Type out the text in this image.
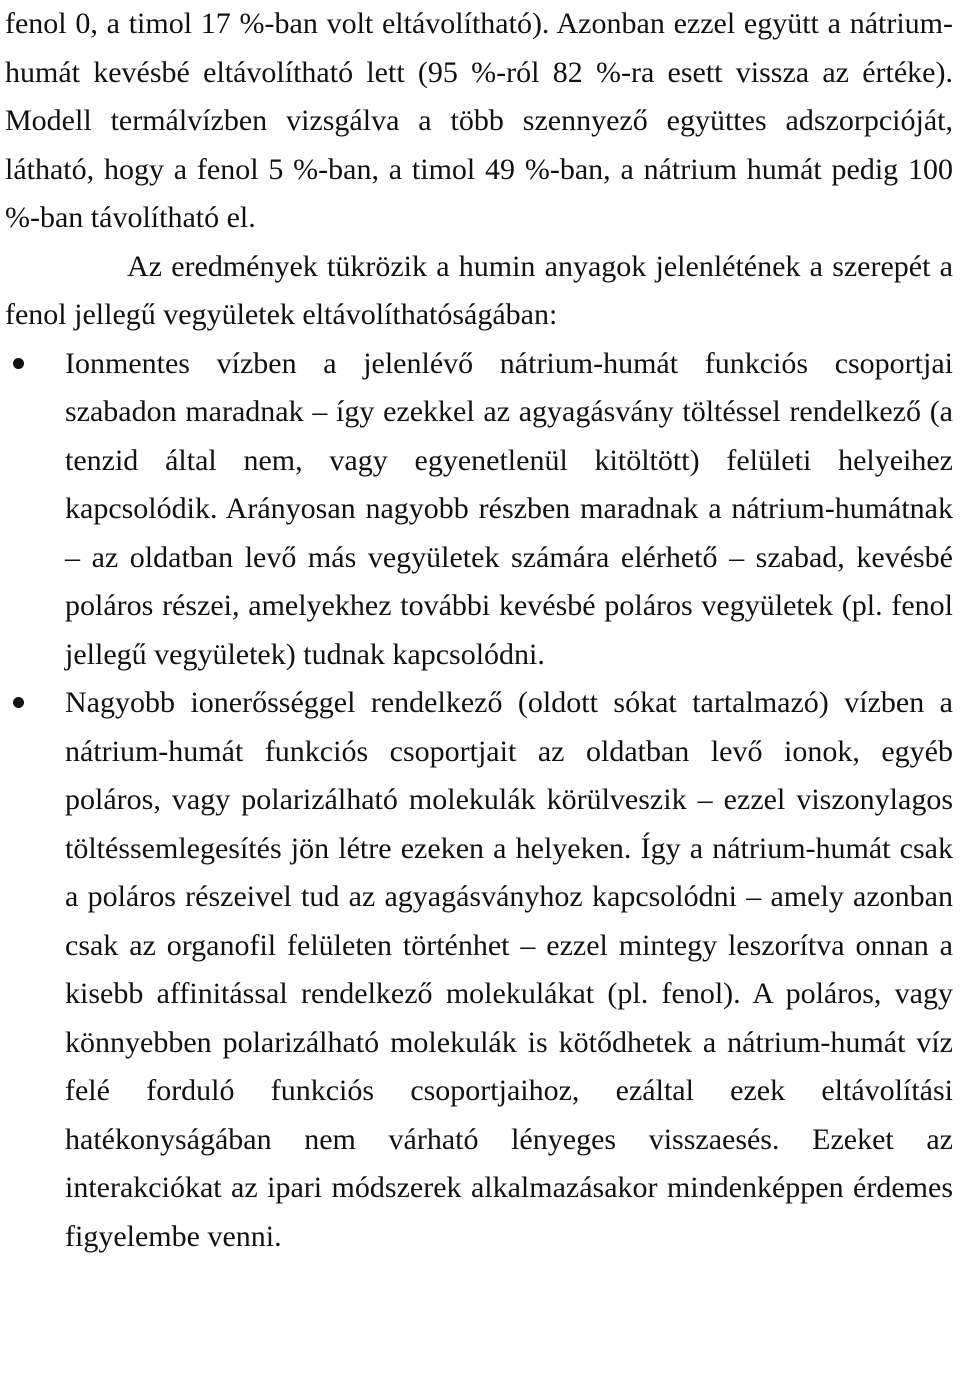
fenol 0, a timol 17 %-ban volt eltávolítható). Azonban ezzel együtt a nátrium-humát kevésbé eltávolítható lett (95 %-ról 82 %-ra esett vissza az értéke). Modell termálvízben vizsgálva a több szennyező együttes adszorpcióját, látható, hogy a fenol 5 %-ban, a timol 49 %-ban, a nátrium humát pedig 100 %-ban távolítható el.

Az eredmények tükrözik a humin anyagok jelenlétének a szerepét a fenol jellegű vegyületek eltávolíthatóságában:

Ionmentes vízben a jelenlévő nátrium-humát funkciós csoportjai szabadon maradnak – így ezekkel az agyagásvány töltéssel rendelkező (a tenzid által nem, vagy egyenetlenül kitöltött) felületi helyeihez kapcsolódik. Arányosan nagyobb részben maradnak a nátrium-humátnak – az oldatban levő más vegyületek számára elérhető – szabad, kevésbé poláros részei, amelyekhez további kevésbé poláros vegyületek (pl. fenol jellegű vegyületek) tudnak kapcsolódni.
Nagyobb ionerősséggel rendelkező (oldott sókat tartalmazó) vízben a nátrium-humát funkciós csoportjait az oldatban levő ionok, egyéb poláros, vagy polarizálható molekulák körülveszik – ezzel viszonylagos töltéssemlegesítés jön létre ezeken a helyeken. Így a nátrium-humát csak a poláros részeivel tud az agyagásványhoz kapcsolódni – amely azonban csak az organofil felületen történhet – ezzel mintegy leszorítva onnan a kisebb affinitással rendelkező molekulákat (pl. fenol). A poláros, vagy könnyebben polarizálható molekulák is kötődhetek a nátrium-humát víz felé forduló funkciós csoportjaihoz, ezáltal ezek eltávolítási hatékonyságában nem várható lényeges visszaesés. Ezeket az interakciókat az ipari módszerek alkalmazásakor mindenképpen érdemes figyelembe venni.
